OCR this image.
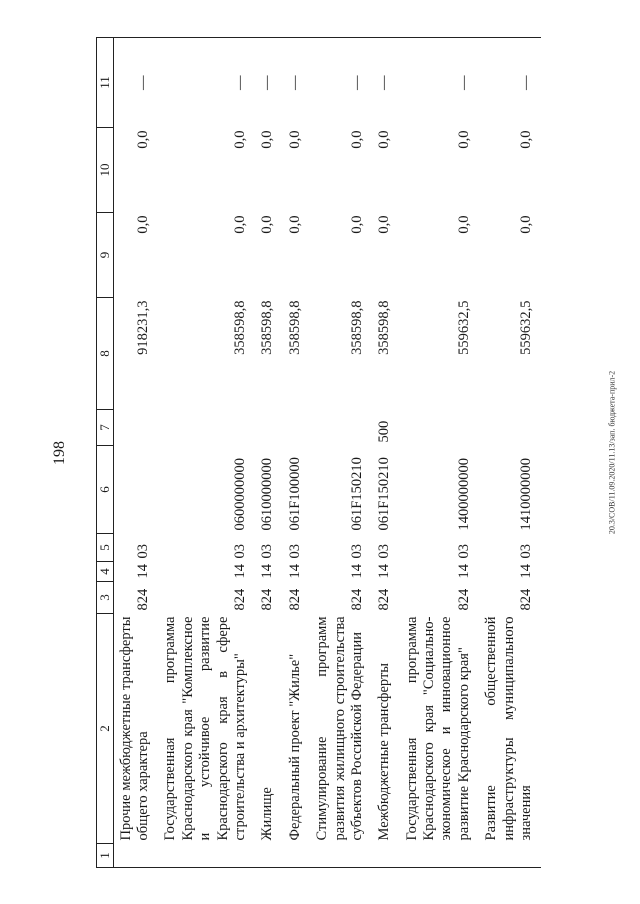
198	20.3/СОВ/11.09.2020/11.13/зап. бюджета-прил-2
1	2	3	4	5	6	7	8	9	10	11
	Прочие межбюджетные трансферты общего характера	824	14	03			918231,3	0,0	0,0	—
	Государственная программа Краснодарского края "Комплексное и устойчивое развитие Краснодарского края в сфере строительства и архитектуры"	824	14	03	0600000000		358598,8	0,0	0,0	—
	Жилище	824	14	03	0610000000		358598,8	0,0	0,0	—
	Федеральный проект "Жилье"	824	14	03	061F100000		358598,8	0,0	0,0	—
	Стимулирование программ развития жилищного строительства субъектов Российской Федерации	824	14	03	061F150210		358598,8	0,0	0,0	—
	Межбюджетные трансферты	824	14	03	061F150210	500	358598,8	0,0	0,0	—
	Государственная программа Краснодарского края "Социально-экономическое и инновационное развитие Краснодарского края"	824	14	03	1400000000		559632,5	0,0	0,0	—
	Развитие общественной инфраструктуры муниципального значения	824	14	03	1410000000		559632,5	0,0	0,0	—
